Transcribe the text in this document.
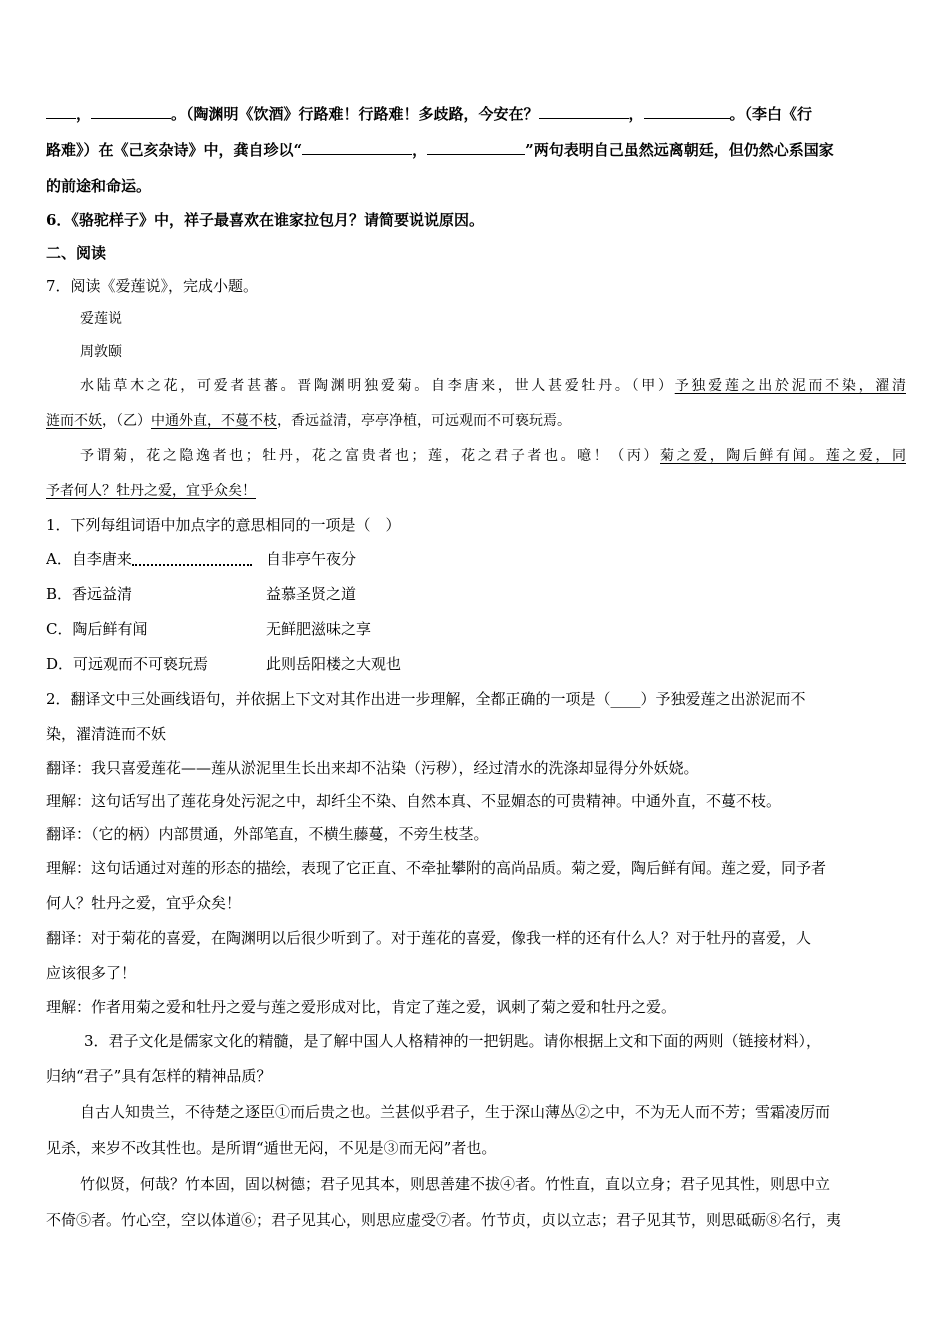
，	。（陶渊明《饮酒》行路难！行路难！多歧路，今安在？	，	。（李白《行
路难》）在《己亥杂诗》中，龚自珍以“	，	”两句表明自己虽然远离朝廷，但仍然心系国家
的前途和命运。
6．《骆驼样子》中，祥子最喜欢在谁家拉包月？请简要说说原因。
二、阅读
7．阅读《爱莲说》，完成小题。
爱莲说
周敦颐
水陆草木之花，可爱者甚蕃。晋陶渊明独爱菊。自李唐来，世人甚爱牡丹。（甲）予独爱莲之出於泥而不染，濯清
涟而不妖，（乙）中通外直，不蔓不枝，香远益清，亭亭净植，可远观而不可亵玩焉。
予谓菊，花之隐逸者也；牡丹，花之富贵者也；莲，花之君子者也。噫！（丙）菊之爱，陶后鲜有闻。莲之爱，同
予者何人？牡丹之爱，宜乎众矣！
1．下列每组词语中加点字的意思相同的一项是（　）
A．自李唐来	自非亭午夜分
B．香远益清	益慕圣贤之道
C．陶后鲜有闻	无鲜肥滋味之享
D．可远观而不可亵玩焉	此则岳阳楼之大观也
2．翻译文中三处画线语句，并依据上下文对其作出进一步理解，全都正确的一项是（____）予独爱莲之出淤泥而不
染，濯清涟而不妖
翻译：我只喜爱莲花——莲从淤泥里生长出来却不沾染（污秽），经过清水的洗涤却显得分外妖娆。
理解：这句话写出了莲花身处污泥之中，却纤尘不染、自然本真、不显媚态的可贵精神。中通外直，不蔓不枝。
翻译：（它的柄）内部贯通，外部笔直，不横生藤蔓，不旁生枝茎。
理解：这句话通过对莲的形态的描绘，表现了它正直、不牵扯攀附的高尚品质。菊之爱，陶后鲜有闻。莲之爱，同予者
何人？牡丹之爱，宜乎众矣！
翻译：对于菊花的喜爱，在陶渊明以后很少听到了。对于莲花的喜爱，像我一样的还有什么人？对于牡丹的喜爱，人
应该很多了！
理解：作者用菊之爱和牡丹之爱与莲之爱形成对比，肯定了莲之爱，讽刺了菊之爱和牡丹之爱。
3．君子文化是儒家文化的精髓，是了解中国人人格精神的一把钥匙。请你根据上文和下面的两则（链接材料），
归纳“君子”具有怎样的精神品质？
自古人知贵兰，不待楚之逐臣①而后贵之也。兰甚似乎君子，生于深山薄丛②之中，不为无人而不芳；雪霜凌厉而
见杀，来岁不改其性也。是所谓“遁世无闷，不见是③而无闷”者也。
竹似贤，何哉？竹本固，固以树德；君子见其本，则思善建不拔④者。竹性直，直以立身；君子见其性，则思中立
不倚⑤者。竹心空，空以体道⑥；君子见其心，则思应虚受⑦者。竹节贞，贞以立志；君子见其节，则思砥砺⑧名行，夷
